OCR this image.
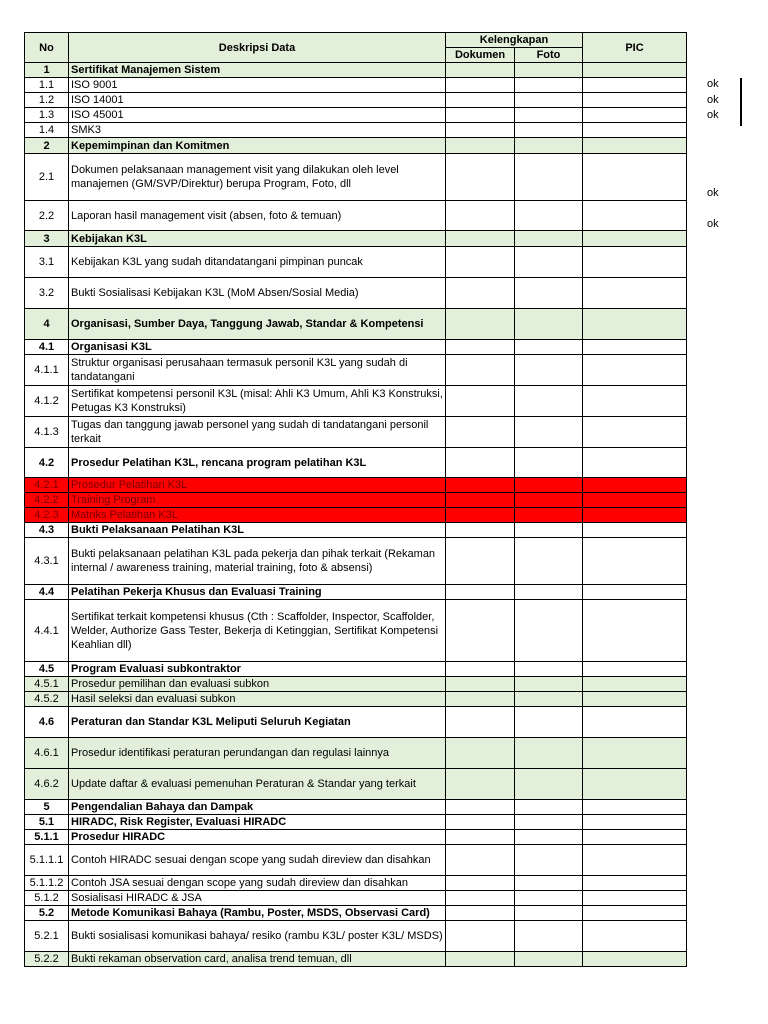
No	Deskripsi Data	Kelengkapan		PIC
		Dokumen	Foto	
1	Sertifikat Manajemen Sistem			
1.1	ISO 9001			
1.2	ISO 14001			
1.3	ISO 45001			
1.4	SMK3			
2	Kepemimpinan dan Komitmen			
2.1	Dokumen pelaksanaan management visit yang dilakukan oleh level manajemen (GM/SVP/Direktur) berupa Program, Foto, dll			
2.2	Laporan hasil management visit (absen, foto & temuan)			
3	Kebijakan K3L			
3.1	Kebijakan K3L yang sudah ditandatangani pimpinan puncak			
3.2	Bukti Sosialisasi Kebijakan K3L (MoM Absen/Sosial Media)			
4	Organisasi, Sumber Daya, Tanggung Jawab, Standar & Kompetensi			
4.1	Organisasi K3L			
4.1.1	Struktur organisasi perusahaan termasuk personil K3L yang sudah di tandatangani			
4.1.2	Sertifikat kompetensi personil K3L (misal: Ahli K3 Umum, Ahli K3 Konstruksi, Petugas K3 Konstruksi)			
4.1.3	Tugas dan tanggung jawab personel yang sudah di tandatangani personil terkait			
4.2	Prosedur Pelatihan K3L, rencana program pelatihan K3L			
4.2.1	Prosedur Pelatihan K3L			
4.2.2	Training Program			
4.2.3	Matriks Pelatihan K3L			
4.3	Bukti Pelaksanaan Pelatihan K3L			
4.3.1	Bukti pelaksanaan pelatihan K3L pada pekerja dan pihak terkait (Rekaman internal / awareness training, material training, foto & absensi)			
4.4	Pelatihan Pekerja Khusus dan Evaluasi Training			
4.4.1	Sertifikat terkait kompetensi khusus (Cth : Scaffolder, Inspector, Scaffolder, Welder, Authorize Gass Tester, Bekerja di Ketinggian, Sertifikat Kompetensi Keahlian dll)			
4.5	Program Evaluasi subkontraktor			
4.5.1	Prosedur pemilihan dan evaluasi subkon			
4.5.2	Hasil seleksi dan evaluasi subkon			
4.6	Peraturan dan Standar K3L Meliputi Seluruh Kegiatan			
4.6.1	Prosedur identifikasi peraturan perundangan dan regulasi lainnya			
4.6.2	Update daftar & evaluasi pemenuhan Peraturan & Standar yang terkait			
5	Pengendalian Bahaya dan Dampak			
5.1	HIRADC, Risk Register, Evaluasi HIRADC			
5.1.1	Prosedur HIRADC			
5.1.1.1	Contoh HIRADC sesuai dengan scope yang sudah direview dan disahkan			
5.1.1.2	Contoh JSA sesuai dengan scope yang sudah direview dan disahkan			
5.1.2	Sosialisasi HIRADC & JSA			
5.2	Metode Komunikasi Bahaya (Rambu, Poster, MSDS, Observasi Card)			
5.2.1	Bukti sosialisasi komunikasi bahaya/ resiko (rambu K3L/ poster K3L/ MSDS)			
5.2.2	Bukti rekaman observation card, analisa trend temuan, dll			
ok
ok
ok
ok
ok
